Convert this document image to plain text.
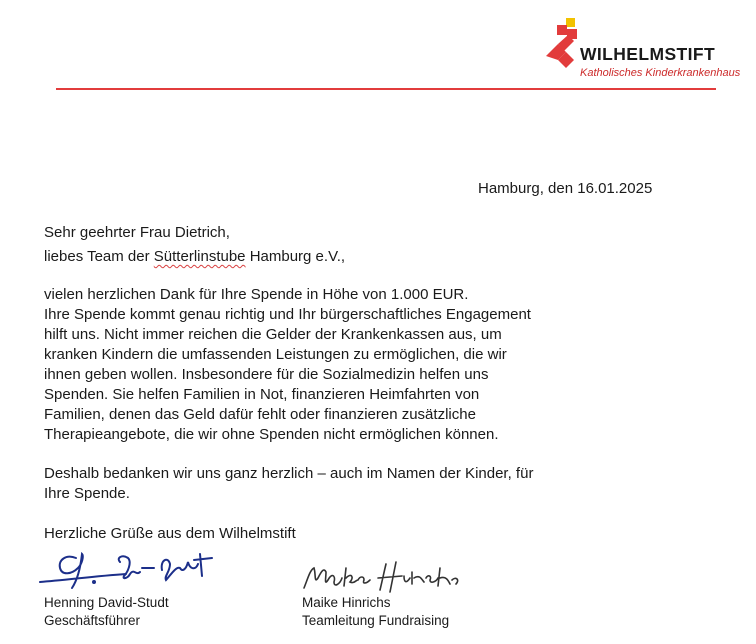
WILHELMSTIFT
Katholisches Kinderkrankenhaus
Hamburg, den 16.01.2025
Sehr geehrter Frau Dietrich,
liebes Team der Sütterlinstube Hamburg e.V.,
vielen herzlichen Dank für Ihre Spende in Höhe von 1.000 EUR.
Ihre Spende kommt genau richtig und Ihr bürgerschaftliches Engagement
hilft uns. Nicht immer reichen die Gelder der Krankenkassen aus, um
kranken Kindern die umfassenden Leistungen zu ermöglichen, die wir
ihnen geben wollen. Insbesondere für die Sozialmedizin helfen uns
Spenden. Sie helfen Familien in Not, finanzieren Heimfahrten von
Familien, denen das Geld dafür fehlt oder finanzieren zusätzliche
Therapieangebote, die wir ohne Spenden nicht ermöglichen können.
Deshalb bedanken wir uns ganz herzlich – auch im Namen der Kinder, für
Ihre Spende.
Herzliche Grüße aus dem Wilhelmstift
Henning David-Studt
Geschäftsführer
Maike Hinrichs
Teamleitung Fundraising
